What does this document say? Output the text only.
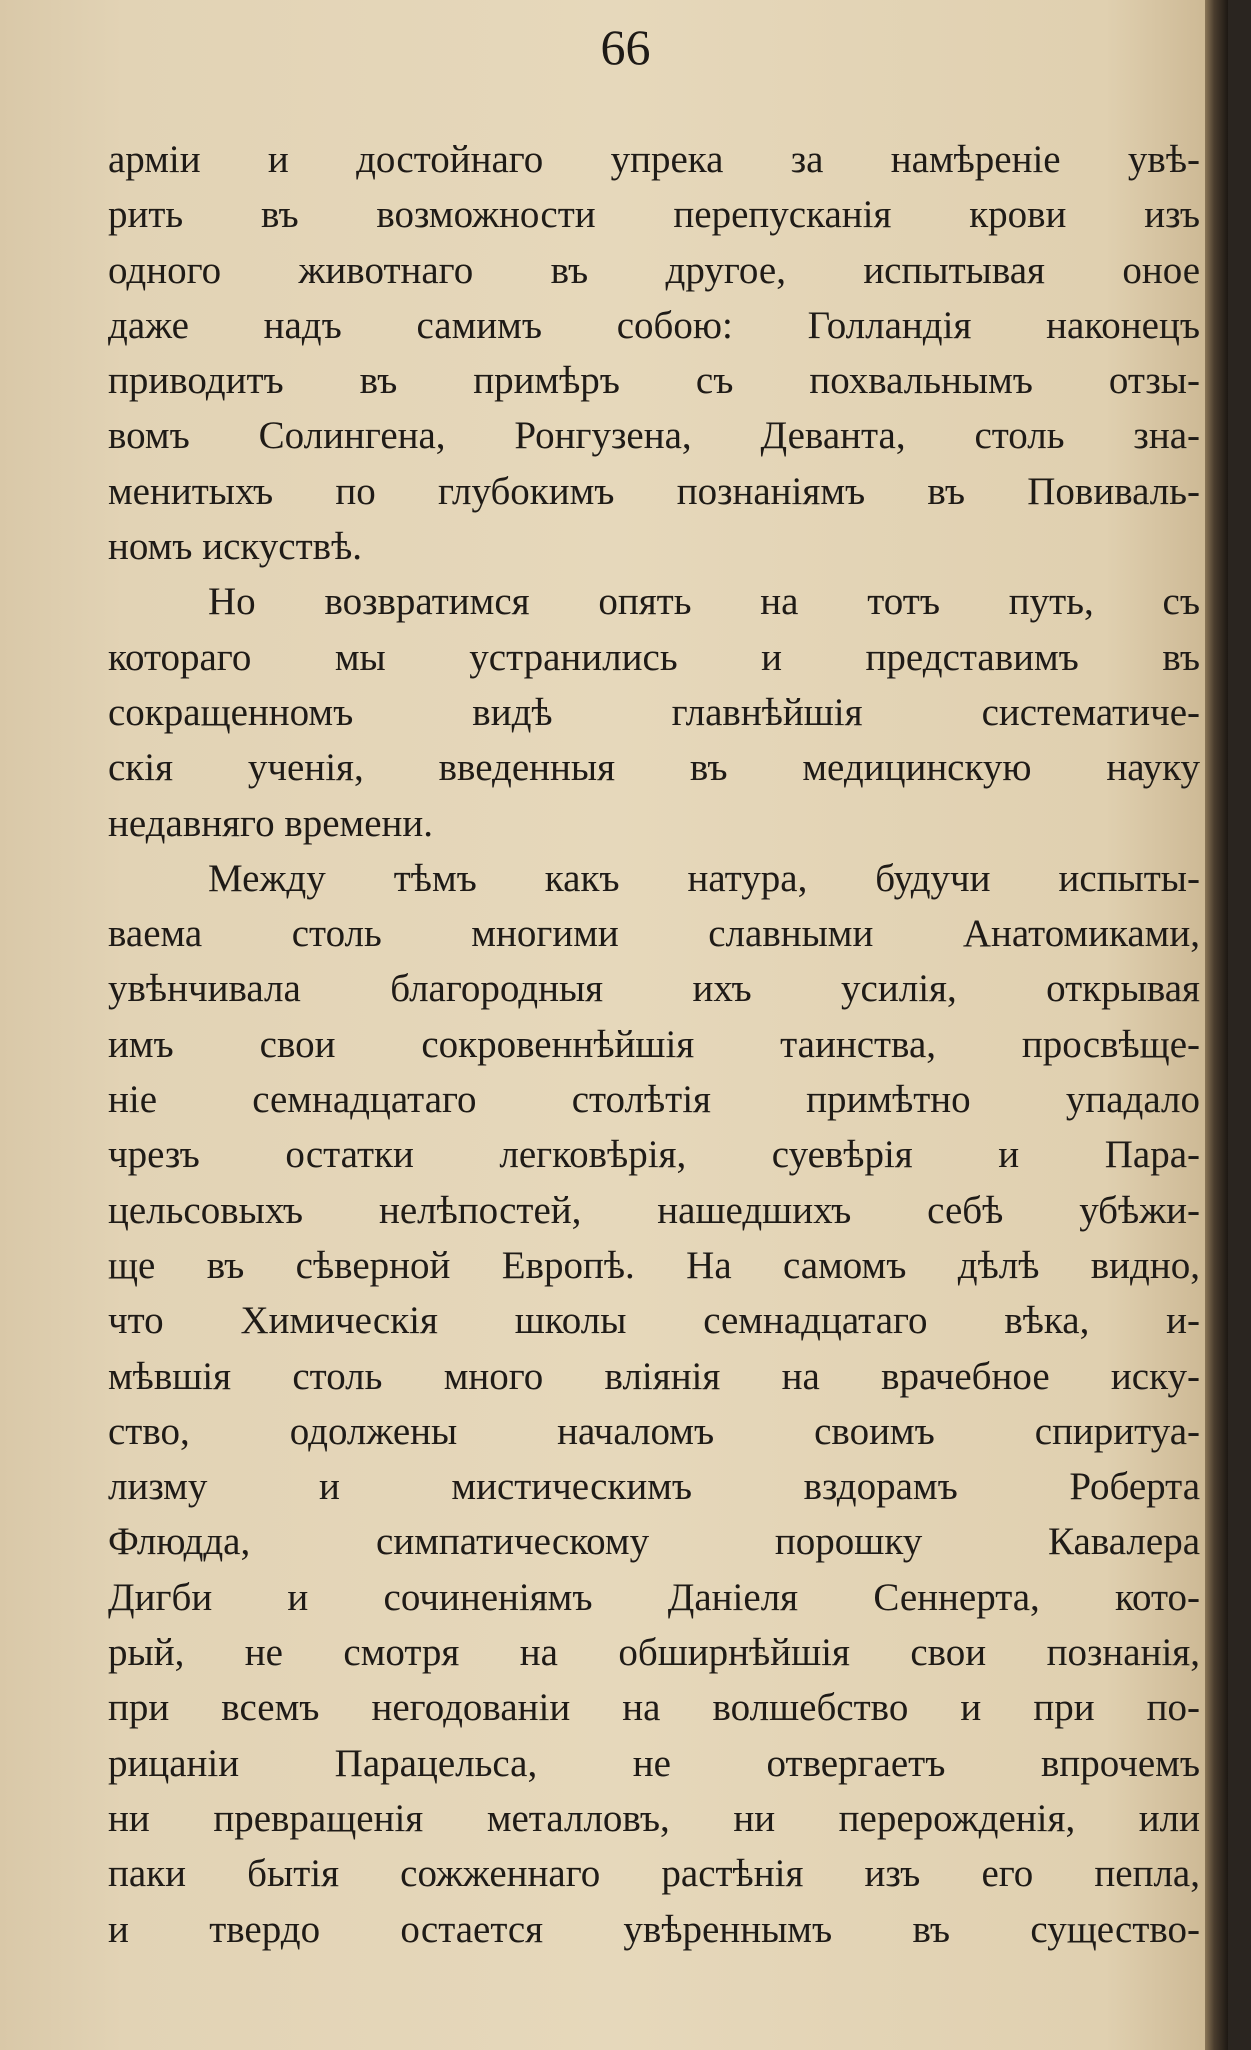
66
арміи и достойнаго упрека за намѣреніе увѣ-
рить въ возможности перепусканія крови изъ
одного животнаго въ другое, испытывая оное
даже надъ самимъ собою: Голландія наконецъ
приводитъ въ примѣръ съ похвальнымъ отзы-
вомъ Солингена, Ронгузена, Деванта, столь зна-
менитыхъ по глубокимъ познаніямъ въ Повиваль-
номъ искуствѣ.
Но возвратимся опять на тотъ путь, съ
котораго мы устранились и представимъ въ
сокращенномъ видѣ главнѣйшія систематиче-
скія ученія, введенныя въ медицинскую науку
недавняго времени.
Между тѣмъ какъ натура, будучи испыты-
ваема столь многими славными Анатомиками,
увѣнчивала благородныя ихъ усилія, открывая
имъ свои сокровеннѣйшія таинства, просвѣще-
ніе семнадцатаго столѣтія примѣтно упадало
чрезъ остатки легковѣрія, суевѣрія и Пара-
цельсовыхъ нелѣпостей, нашедшихъ себѣ убѣжи-
ще въ сѣверной Европѣ. На самомъ дѣлѣ видно,
что Химическія школы семнадцатаго вѣка, и-
мѣвшія столь много вліянія на врачебное иску-
ство, одолжены началомъ своимъ спиритуа-
лизму и мистическимъ вздорамъ Роберта
Флюдда, симпатическому порошку Кавалера
Дигби и сочиненіямъ Даніеля Сеннерта, кото-
рый, не смотря на обширнѣйшія свои познанія,
при всемъ негодованіи на волшебство и при по-
рицаніи Парацельса, не отвергаетъ впрочемъ
ни превращенія металловъ, ни перерожденія, или
паки бытія сожженнаго растѣнія изъ его пепла,
и твердо остается увѣреннымъ въ существо-
